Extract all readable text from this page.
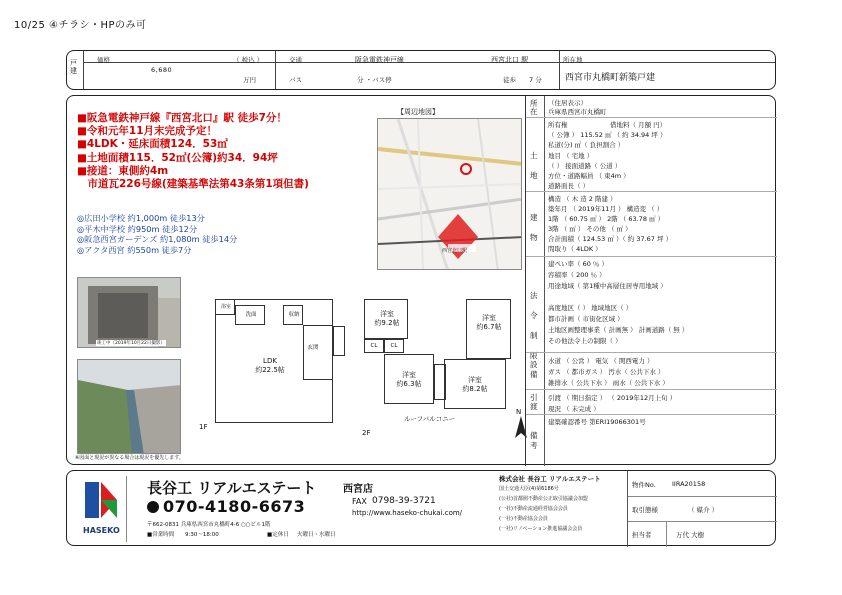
10/25 ④チラシ・HPのみ可
戸建
価格	（ 税込 ）
6,680
万円
交通	阪急電鉄神戸線	西宮北口 駅
バス	分 ・バス停	徒歩 7 分
所在地
西宮市丸橋町新築戸建
■阪急電鉄神戸線『西宮北口』駅 徒歩7分！
■令和元年11月末完成予定！
■4LDK・延床面積124．53㎡
■土地面積115．52㎡(公簿)約34．94坪
■接道：東側約4m
　市道瓦226号線(建築基準法第43条第1項但書)
◎広田小学校 約1,000m 徒歩13分
◎平木中学校 約950m 徒歩12分
◎阪急西宮ガーデンズ 約1,080m 徒歩14分
◎アクタ西宮 約550m 徒歩7分
【周辺地図】
西宮北口駅
竣工中（2019年10月22日撮影）
浴室
洗面	収納
LDK
約22.5帖
玄関
1F
洋室
約9.2帖
洋室
約6.7帖
CL	CL
洋室
約6.3帖	洋室
約8.2帖
ルーフバルコニー
2F
N
※図面と現況が異なる場合は現況を優先します。
所在
（住居表示）
兵庫県西宮市丸橋町
土地
所有権	借地料（ 月額 円）
（ 公簿 ） 115.52 ㎡ （ 約 34.94 坪 ）
私道(分) ㎡（ 負担割合 ）
地目 （ 宅地 ）
（ ） 接面道路（ 公道 ）
方位・道路幅員 （ 東4m ）
道路面長（ ）
建物
構造 （ 木 造 2 階建 ）
築年月 （ 2019年11月 ） 構造変 （ ）
1階 （ 60.75 ㎡ ） 2階 （ 63.78 ㎡ ）
3階 （ ㎡ ） その他 （ ㎡ ）
合計面積（ 124.53 ㎡ ）（ 約 37.67 坪 ）
間取り（ 4LDK ）
法令制限
建ぺい率（ 60 ％ ）
容積率（ 200 ％ ）
用途地域（ 第1種中高層住居専用地域 ）
高度地区（ ） 地域地区（ ）
都市計画（ 市街化区域 ）
土地区画整理事業（ 計画無 ） 計画道路（ 無 ）
その他法令上の制限（ ）
設備
水道 （ 公営 ） 電気 （ 関西電力 ）
ガス （ 都市ガス ） 汚水（ 公共下水 ）
雑排水（ 公共下水 ） 雨水（ 公共下水 ）
引渡
引渡 （ 期日指定 ） （ 2019年12月上旬 ）
現況 （ 未完成 ）
建築確認番号 第ERI19066301号
備考
HASEKO
長谷工 リアルエステート	西宮店
070-4180-6673	FAX 0798-39-3721
http://www.haseko-chukai.com/
〒662-0831 兵庫県西宮市丸橋町4-6 ○○ビル1階
■営業時間 9:30～18:00	■定休日 火曜日・水曜日
株式会社 長谷工 リアルエステート
国土交通大臣(4)第6186号
(公社)首都圏不動産公正取引協議会加盟
(一社)不動産流通経営協会会員
(一社)不動産協会会員
(一社)リノベーション推進協議会会員
物件No. IIRA20158
取引態様	（ 媒介 ）
担当者	万代 大樹
